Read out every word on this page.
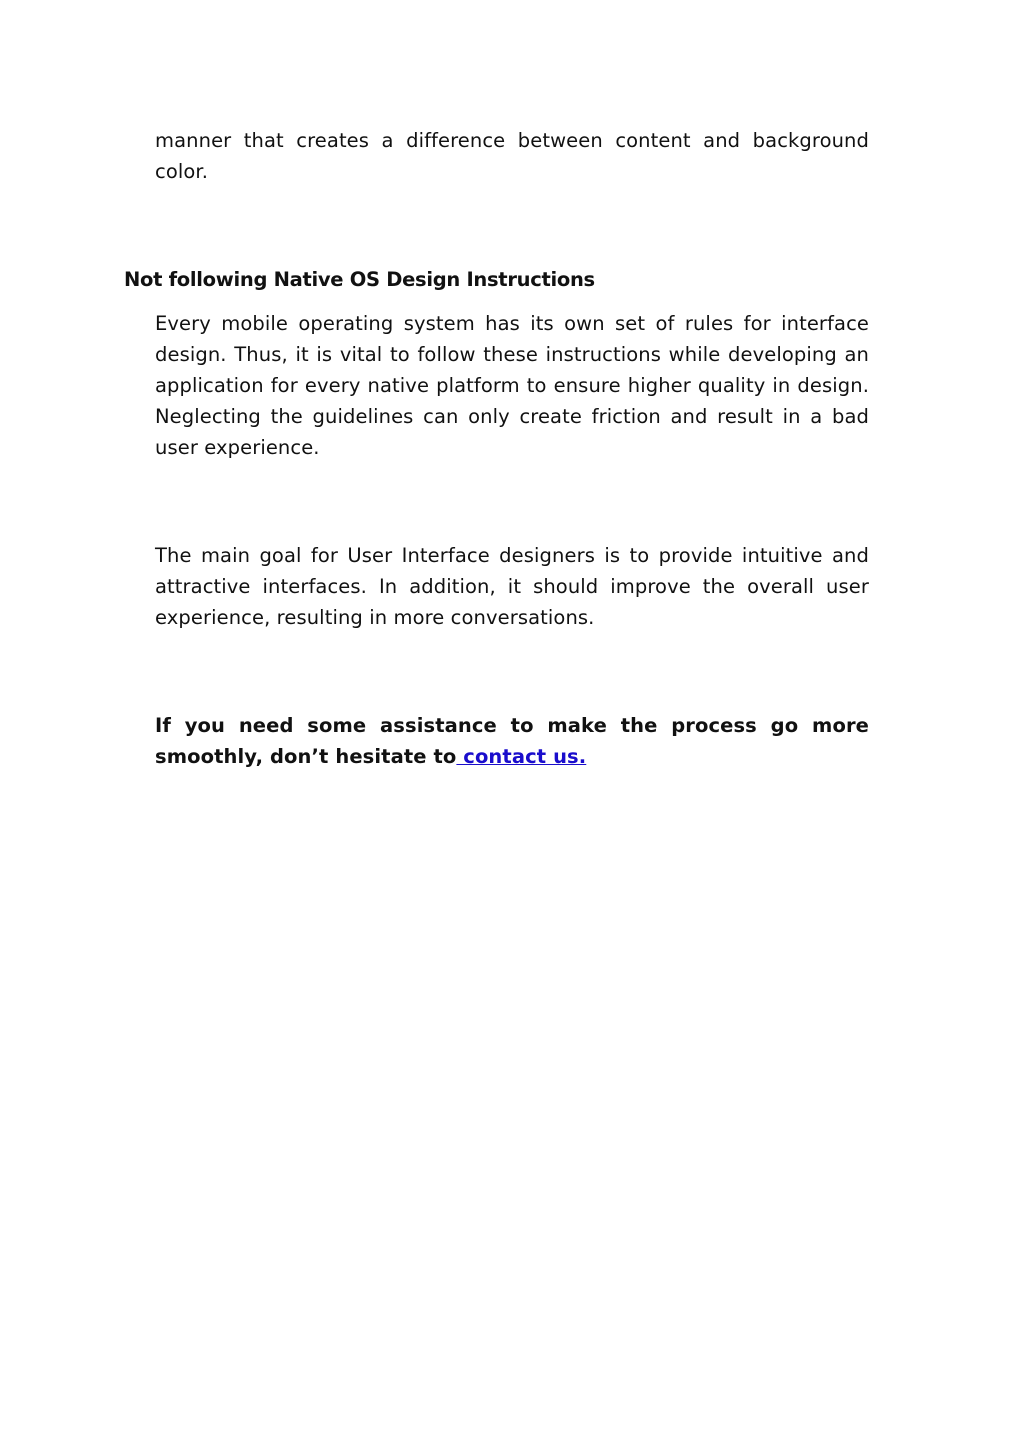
manner that creates a difference between content and background color.

Not following Native OS Design Instructions

Every mobile operating system has its own set of rules for interface design. Thus, it is vital to follow these instructions while developing an application for every native platform to ensure higher quality in design. Neglecting the guidelines can only create friction and result in a bad user experience.

The main goal for User Interface designers is to provide intuitive and attractive interfaces. In addition, it should improve the overall user experience, resulting in more conversations.

If you need some assistance to make the process go more smoothly, don’t hesitate to contact us.
